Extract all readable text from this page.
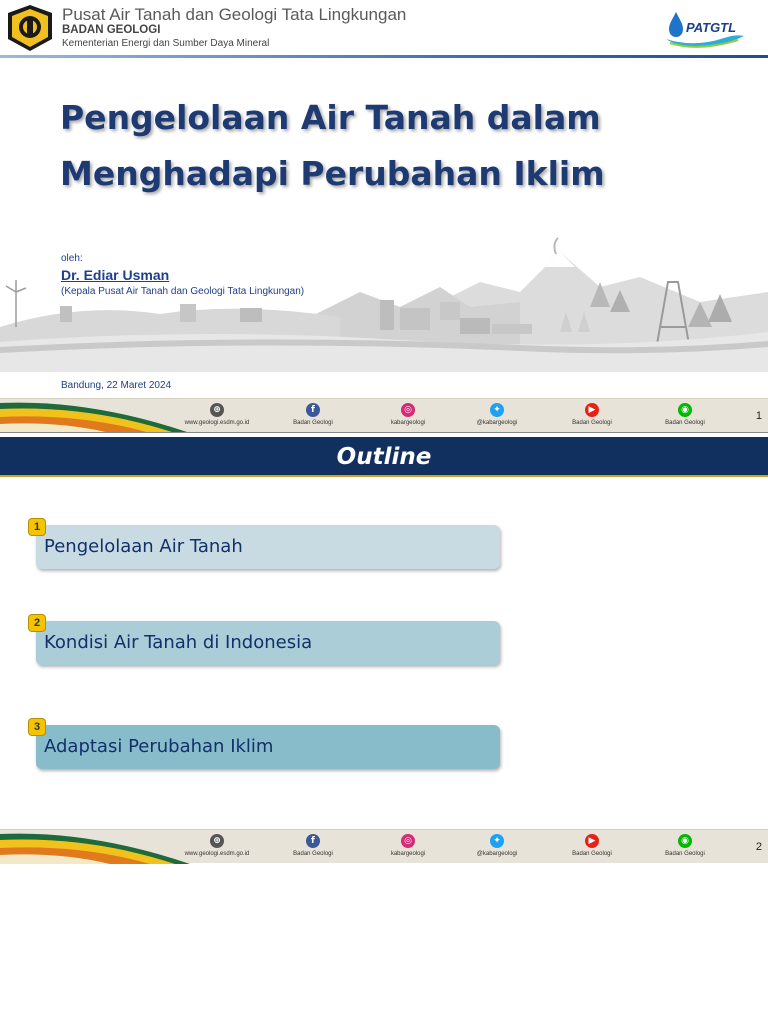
Pusat Air Tanah dan Geologi Tata Lingkungan
BADAN GEOLOGI
Kementerian Energi dan Sumber Daya Mineral
PATGTL
Pengelolaan Air Tanah dalam
Menghadapi Perubahan Iklim
oleh:
Dr. Ediar Usman
(Kepala Pusat Air Tanah dan Geologi Tata Lingkungan)
Bandung, 22 Maret 2024
⊕
www.geologi.esdm.go.id
f
Badan Geologi
◎
kabargeologi
✦
@kabargeologi
▶
Badan Geologi
◉
Badan Geologi
1
Outline
1
Pengelolaan Air Tanah
2
Kondisi Air Tanah di Indonesia
3
Adaptasi Perubahan Iklim
⊕
www.geologi.esdm.go.id
f
Badan Geologi
◎
kabargeologi
✦
@kabargeologi
▶
Badan Geologi
◉
Badan Geologi
2
